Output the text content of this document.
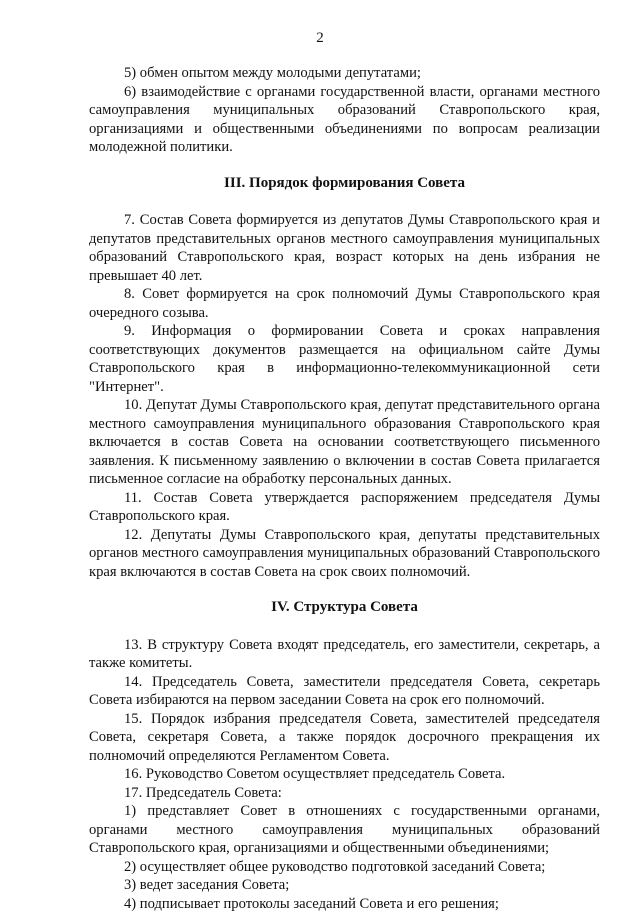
2

5) обмен опытом между молодыми депутатами;

6) взаимодействие с органами государственной власти, органами местного самоуправления муниципальных образований Ставропольского края, организациями и общественными объединениями по вопросам реализации молодежной политики.

III. Порядок формирования Совета

7. Состав Совета формируется из депутатов Думы Ставропольского края и депутатов представительных органов местного самоуправления муниципальных образований Ставропольского края, возраст которых на день избрания не превышает 40 лет.

8. Совет формируется на срок полномочий Думы Ставропольского края очередного созыва.

9. Информация о формировании Совета и сроках направления соответствующих документов размещается на официальном сайте Думы Ставропольского края в информационно-телекоммуникационной сети "Интернет".

10. Депутат Думы Ставропольского края, депутат представительного органа местного самоуправления муниципального образования Ставропольского края включается в состав Совета на основании соответствующего письменного заявления. К письменному заявлению о включении в состав Совета прилагается письменное согласие на обработку персональных данных.

11. Состав Совета утверждается распоряжением председателя Думы Ставропольского края.

12. Депутаты Думы Ставропольского края, депутаты представительных органов местного самоуправления муниципальных образований Ставропольского края включаются в состав Совета на срок своих полномочий.

IV. Структура Совета

13. В структуру Совета входят председатель, его заместители, секретарь, а также комитеты.

14. Председатель Совета, заместители председателя Совета, секретарь Совета избираются на первом заседании Совета на срок его полномочий.

15. Порядок избрания председателя Совета, заместителей председателя Совета, секретаря Совета, а также порядок досрочного прекращения их полномочий определяются Регламентом Совета.

16. Руководство Советом осуществляет председатель Совета.

17. Председатель Совета:

1) представляет Совет в отношениях с государственными органами, органами местного самоуправления муниципальных образований Ставропольского края, организациями и общественными объединениями;

2) осуществляет общее руководство подготовкой заседаний Совета;

3) ведет заседания Совета;

4) подписывает протоколы заседаний Совета и его решения;
